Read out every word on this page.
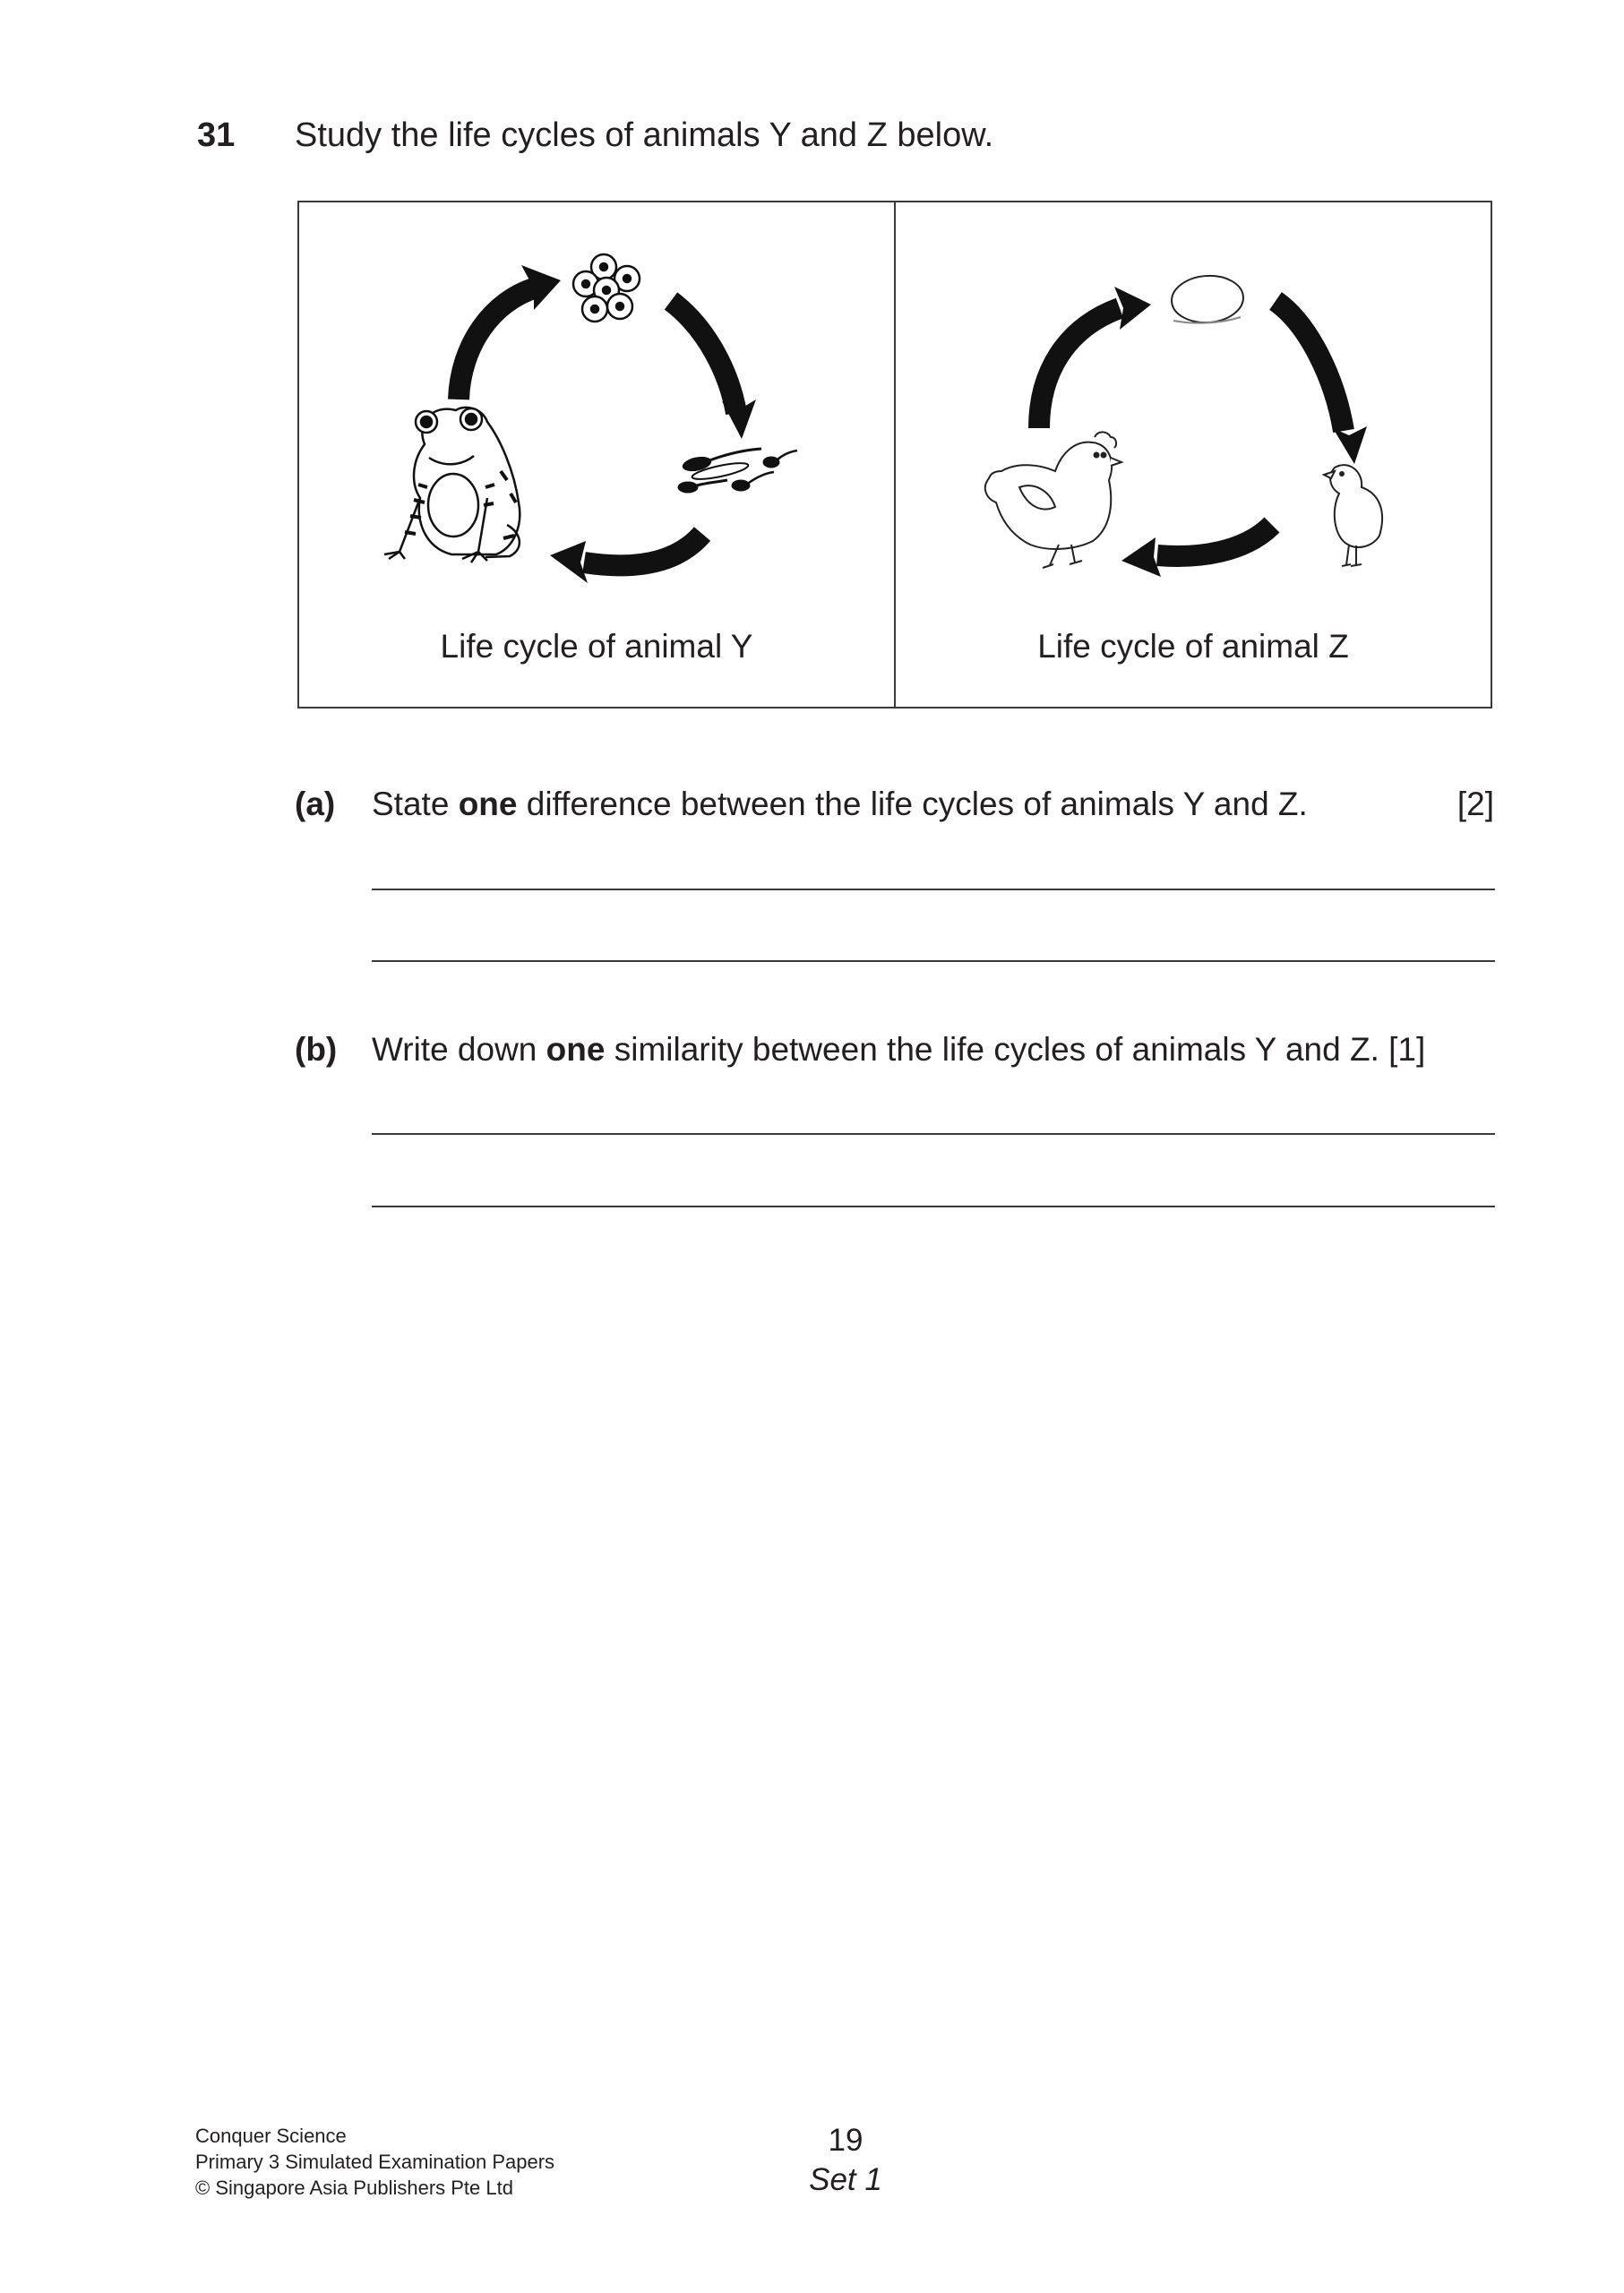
31 Study the life cycles of animals Y and Z below.
Life cycle of animal Y	Life cycle of animal Z
(a) State one difference between the life cycles of animals Y and Z.	[2]
(b) Write down one similarity between the life cycles of animals Y and Z. [1]
Conquer Science
Primary 3 Simulated Examination Papers
© Singapore Asia Publishers Pte Ltd
19
Set 1
